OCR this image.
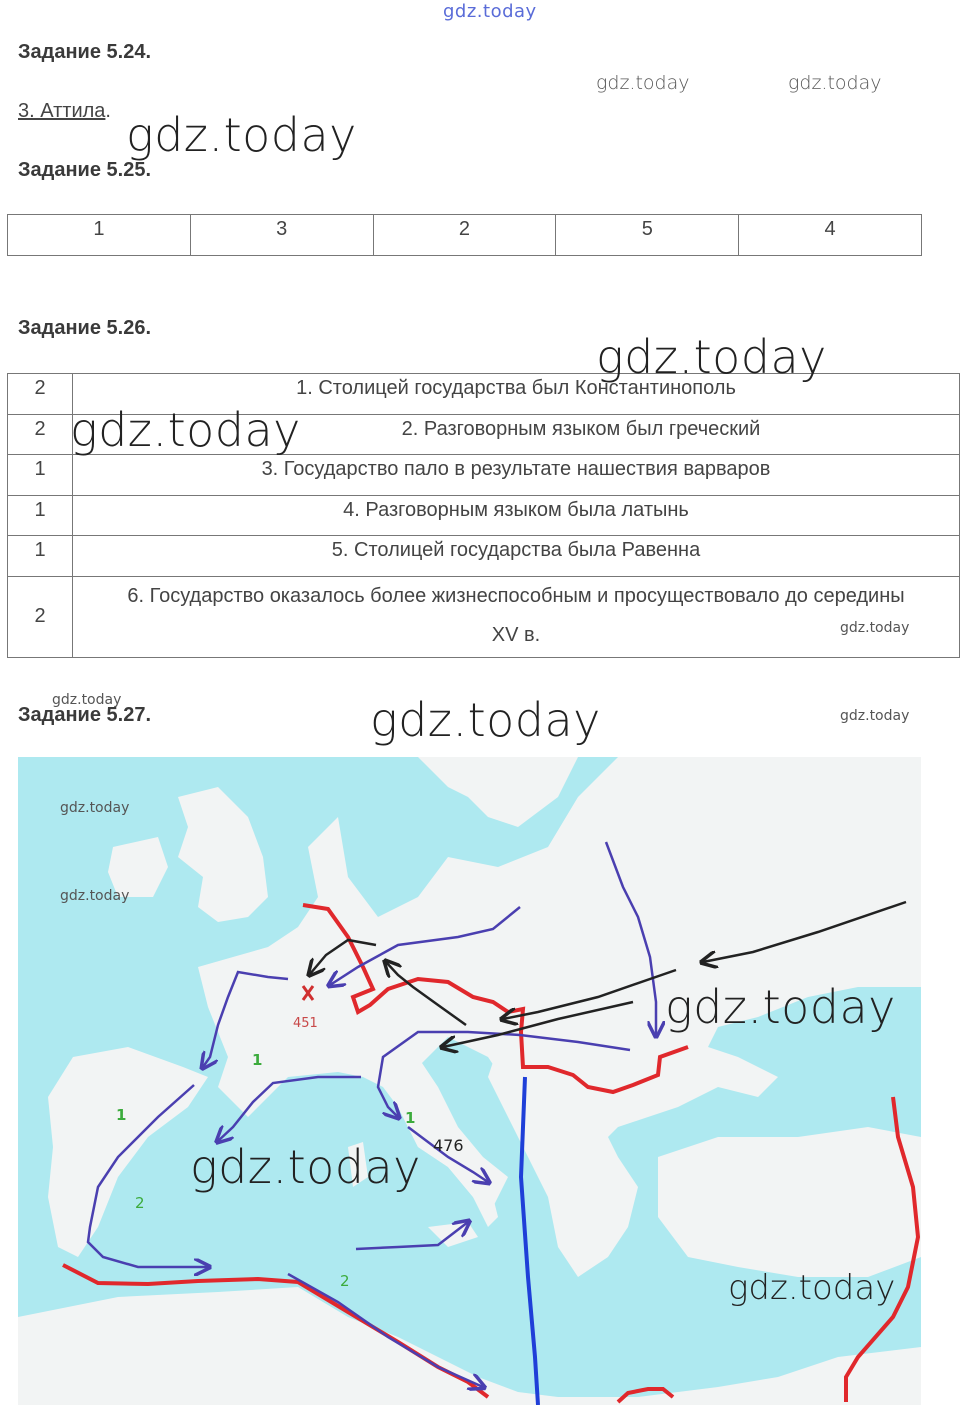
gdz.today
Задание 5.24.
gdz.today	gdz.today
3. Аттила. gdz.today
Задание 5.25.
1	3	2	5	4
Задание 5.26.
2	1. Столицей государства был Константинополь
2	2. Разговорным языком был греческий
1	3. Государство пало в результате нашествия варваров
1	4. Разговорным языком была латынь
1	5. Столицей государства была Равенна
2	6. Государство оказалось более жизнеспособным и просуществовало до середины XV в.
gdz.today
gdz.today
gdz.today
gdz.today
Задание 5.27.	gdz.today	gdz.today
451
476
1
1	1
2
2
gdz.today
gdz.today
gdz.today
gdz.today
gdz.today
